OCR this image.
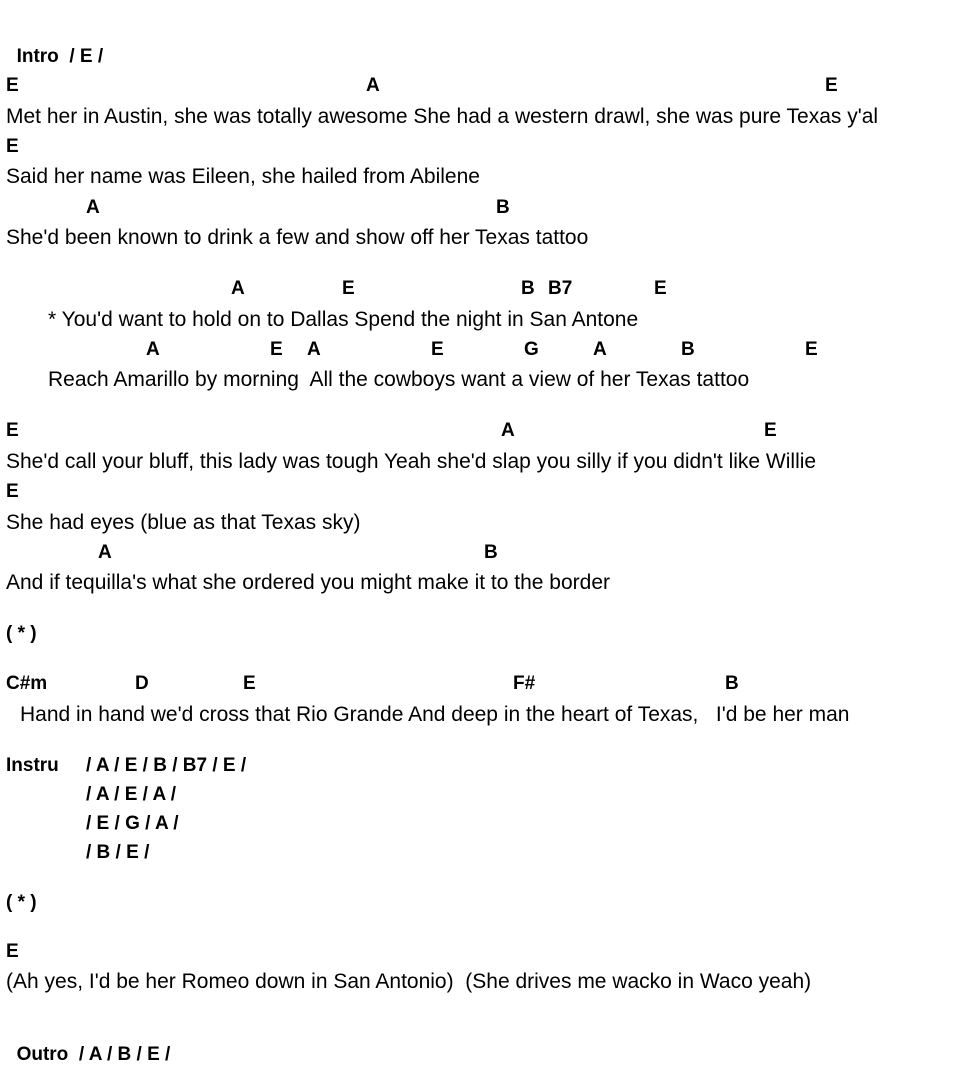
Intro / E /

E	A	E
Met her in Austin, she was totally awesome She had a western drawl, she was pure Texas y'al
E
Said her name was Eileen, she hailed from Abilene
A	B
She'd been known to drink a few and show off her Texas tattoo
A	E	B B7	E
* You'd want to hold on to Dallas Spend the night in San Antone
A	E A	E	G	A	B	E
Reach Amarillo by morning  All the cowboys want a view of her Texas tattoo
E	A	E
She'd call your bluff, this lady was tough Yeah she'd slap you silly if you didn't like Willie
E
She had eyes (blue as that Texas sky)
A	B
And if tequilla's what she ordered you might make it to the border
( * )
C#m	D	E	F#	B
Hand in hand we'd cross that Rio Grande And deep in the heart of Texas,   I'd be her man
Instru / A / E / B / B7 / E /
/ A / E / A /
/ E / G / A /
/ B / E /
( * )
E
(Ah yes, I'd be her Romeo down in San Antonio)  (She drives me wacko in Waco yeah)

Outro / A / B / E /
